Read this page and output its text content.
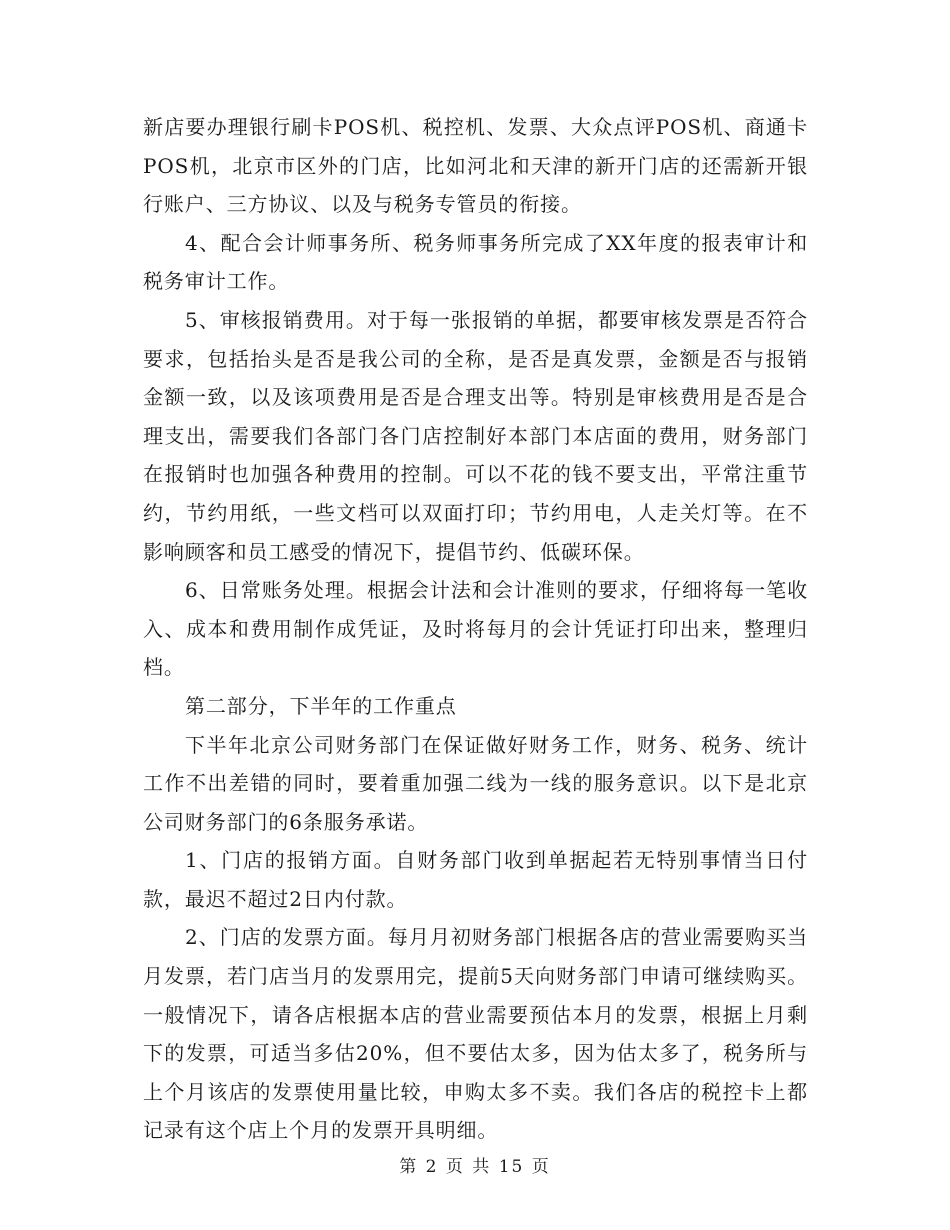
新店要办理银行刷卡POS机、税控机、发票、大众点评POS机、商通卡POS机，北京市区外的门店，比如河北和天津的新开门店的还需新开银行账户、三方协议、以及与税务专管员的衔接。

4、配合会计师事务所、税务师事务所完成了XX年度的报表审计和税务审计工作。

5、审核报销费用。对于每一张报销的单据，都要审核发票是否符合要求，包括抬头是否是我公司的全称，是否是真发票，金额是否与报销金额一致，以及该项费用是否是合理支出等。特别是审核费用是否是合理支出，需要我们各部门各门店控制好本部门本店面的费用，财务部门在报销时也加强各种费用的控制。可以不花的钱不要支出，平常注重节约，节约用纸，一些文档可以双面打印；节约用电，人走关灯等。在不影响顾客和员工感受的情况下，提倡节约、低碳环保。

6、日常账务处理。根据会计法和会计准则的要求，仔细将每一笔收入、成本和费用制作成凭证，及时将每月的会计凭证打印出来，整理归档。

第二部分，下半年的工作重点

下半年北京公司财务部门在保证做好财务工作，财务、税务、统计工作不出差错的同时，要着重加强二线为一线的服务意识。以下是北京公司财务部门的6条服务承诺。

1、门店的报销方面。自财务部门收到单据起若无特别事情当日付款，最迟不超过2日内付款。

2、门店的发票方面。每月月初财务部门根据各店的营业需要购买当月发票，若门店当月的发票用完，提前5天向财务部门申请可继续购买。一般情况下，请各店根据本店的营业需要预估本月的发票，根据上月剩下的发票，可适当多估20%，但不要估太多，因为估太多了，税务所与上个月该店的发票使用量比较，申购太多不卖。我们各店的税控卡上都记录有这个店上个月的发票开具明细。

第 2 页 共 15 页
